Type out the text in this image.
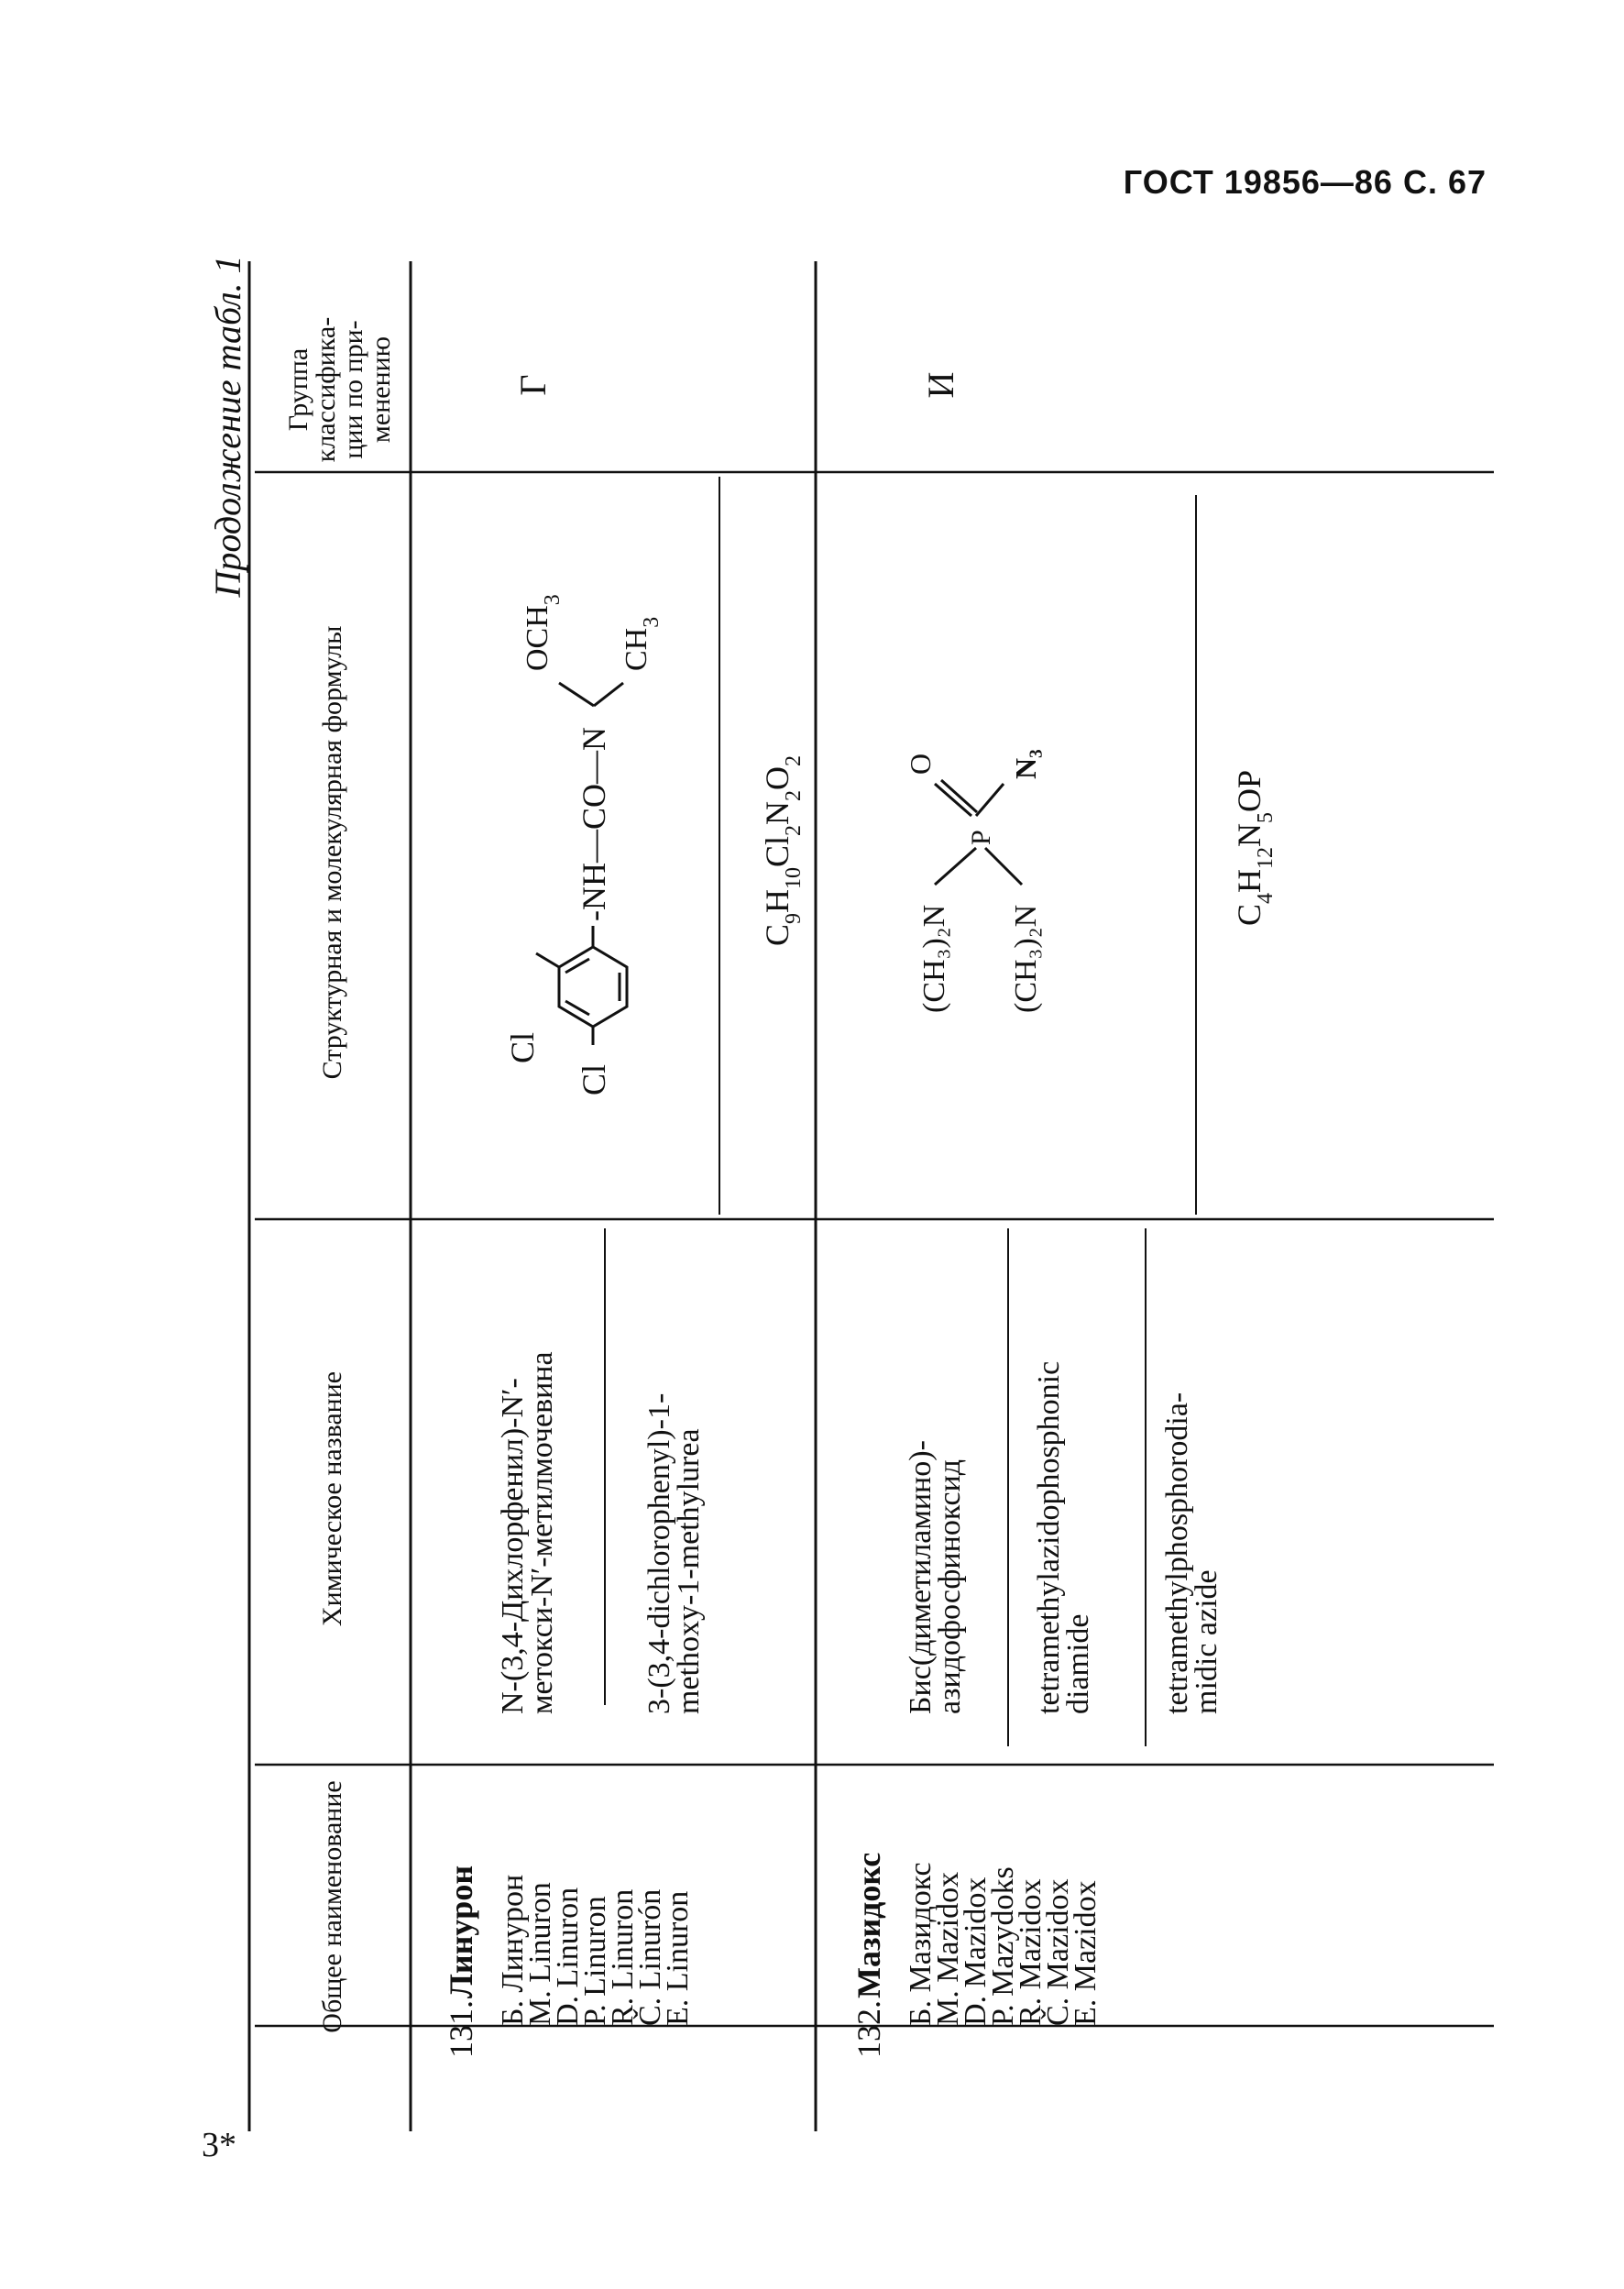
ГОСТ 19856—86 С. 67
Продолжение табл. 1
Общее наименование
Химическое название
Структурная и молекулярная формулы
Группа
классифика-
ции по при-
менению
131.
Линурон Б. Линурон
М. Linuron
D. Linuron
P. Linuron
R. Linuron
Č. Linurón
E. Linuron
N-(3,4-Дихлорфенил)-N′-
метокси-N′-метилмочевина	3-(3,4-dichlorophenyl)-1-
methoxy-1-methylurea
Cl
Cl
-NH—CO—N
$OCH_3$
$CH_3$
$C_9H_{10}Cl_2N_2O_2$
Г
132.
Мазидокс Б. Мазидокс
М. Mazidox
D. Mazidox
P. Mazydoks
R. Mazidox
Č. Mazidox
E. Mazidox
Бис(диметиламино)-
азидофосфиноксид tetramethylazidophosphonic
diamide tetramethylphosphorodia-
midic azide
(CH₃)₂N (CH₃)₂N
P
O N₃
$C_4H_{12}N_5OP$
И
3*
